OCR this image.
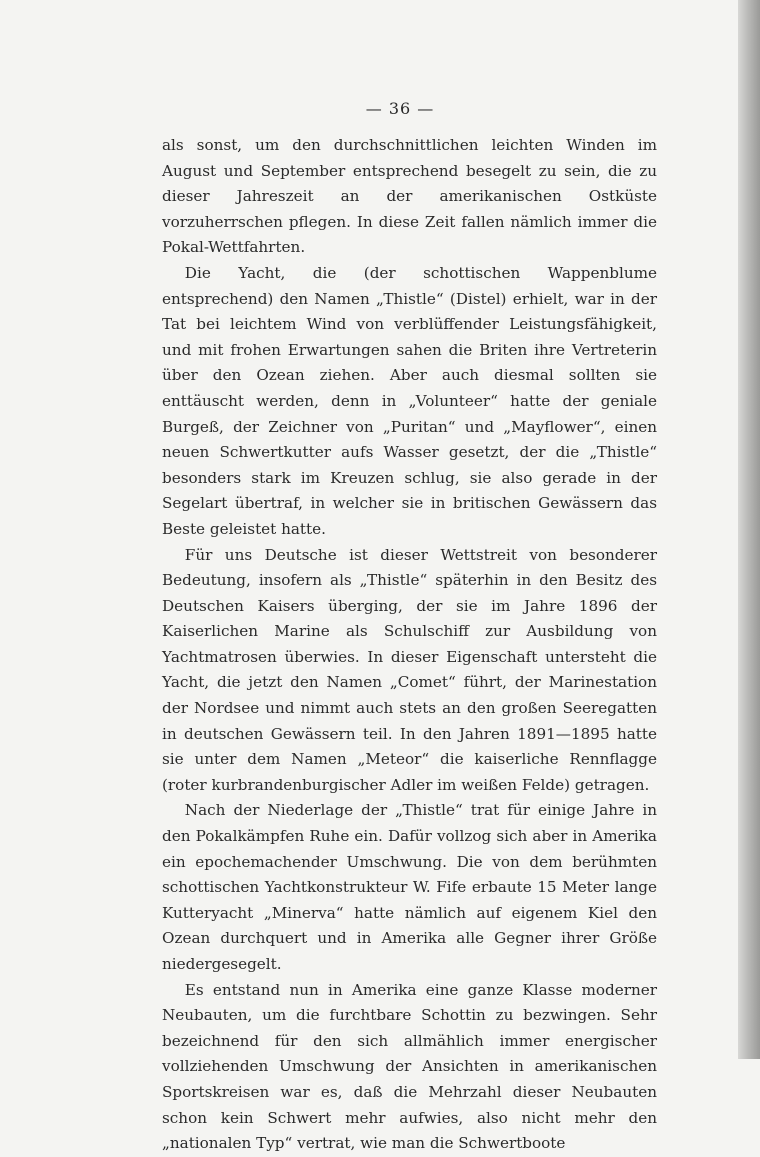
— 36 —

als sonst, um den durchschnittlichen leichten Winden im August und September entsprechend besegelt zu sein, die zu dieser Jahreszeit an der amerikanischen Ostküste vorzuherrschen pflegen. In diese Zeit fallen nämlich immer die Pokal-Wettfahrten.

Die Yacht, die (der schottischen Wappenblume entsprechend) den Namen „Thistle“ (Distel) erhielt, war in der Tat bei leichtem Wind von verblüffender Leistungsfähigkeit, und mit frohen Erwartungen sahen die Briten ihre Vertreterin über den Ozean ziehen. Aber auch diesmal sollten sie enttäuscht werden, denn in „Volunteer“ hatte der geniale Burgeß, der Zeichner von „Puritan“ und „Mayflower“, einen neuen Schwertkutter aufs Wasser gesetzt, der die „Thistle“ besonders stark im Kreuzen schlug, sie also gerade in der Segelart übertraf, in welcher sie in britischen Gewässern das Beste geleistet hatte.

Für uns Deutsche ist dieser Wettstreit von besonderer Bedeutung, insofern als „Thistle“ späterhin in den Besitz des Deutschen Kaisers überging, der sie im Jahre 1896 der Kaiserlichen Marine als Schulschiff zur Ausbildung von Yachtmatrosen überwies. In dieser Eigenschaft untersteht die Yacht, die jetzt den Namen „Comet“ führt, der Marinestation der Nordsee und nimmt auch stets an den großen Seeregatten in deutschen Gewässern teil. In den Jahren 1891—1895 hatte sie unter dem Namen „Meteor“ die kaiserliche Rennflagge (roter kurbrandenburgischer Adler im weißen Felde) getragen.

Nach der Niederlage der „Thistle“ trat für einige Jahre in den Pokalkämpfen Ruhe ein. Dafür vollzog sich aber in Amerika ein epochemachender Umschwung. Die von dem berühmten schottischen Yachtkonstrukteur W. Fife erbaute 15 Meter lange Kutteryacht „Minerva“ hatte nämlich auf eigenem Kiel den Ozean durchquert und in Amerika alle Gegner ihrer Größe niedergesegelt.

Es entstand nun in Amerika eine ganze Klasse moderner Neubauten, um die furchtbare Schottin zu bezwingen. Sehr bezeichnend für den sich allmählich immer energischer vollziehenden Umschwung der Ansichten in amerikanischen Sportskreisen war es, daß die Mehrzahl dieser Neubauten schon kein Schwert mehr aufwies, also nicht mehr den „nationalen Typ“ vertrat, wie man die Schwertboote
